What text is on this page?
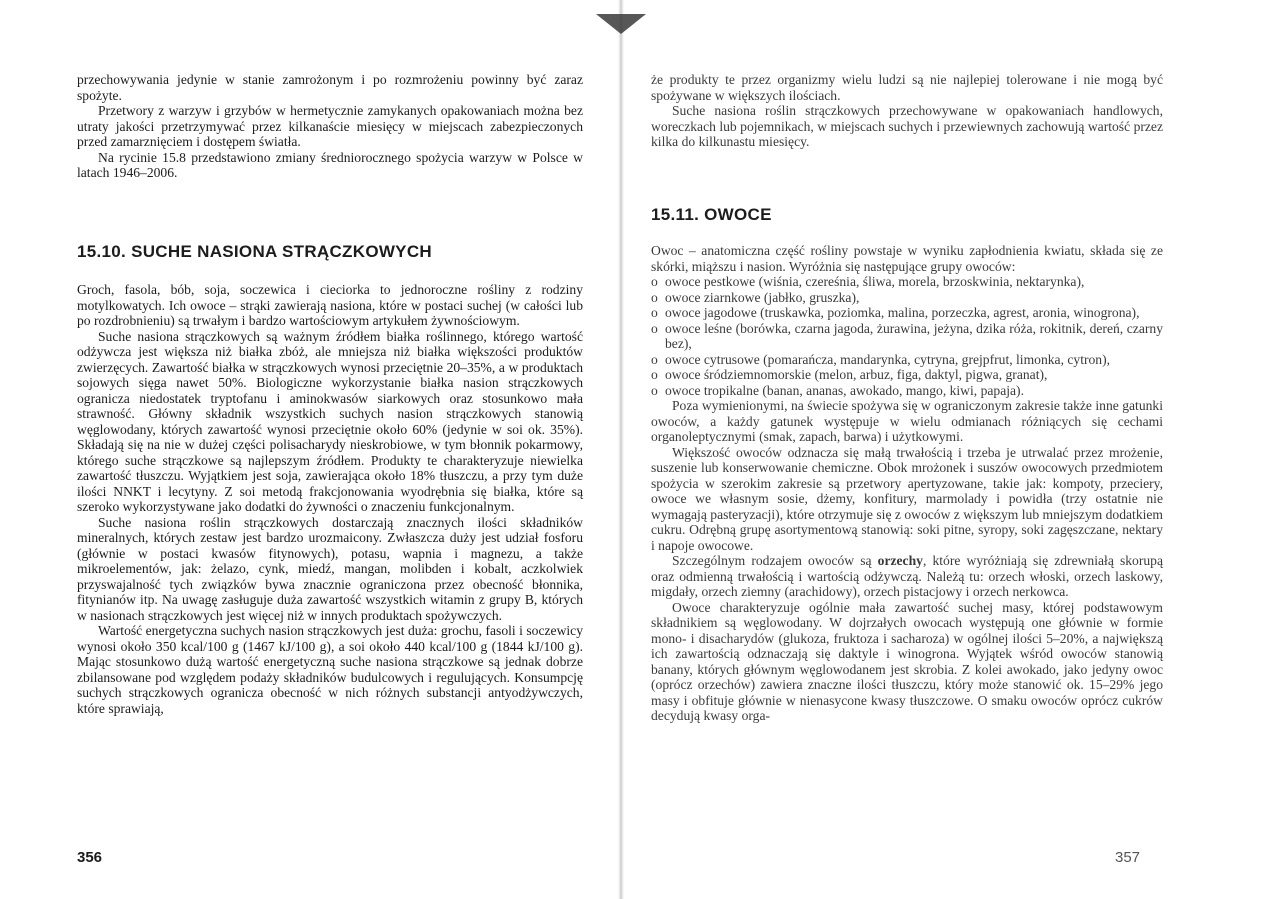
przechowywania jedynie w stanie zamrożonym i po rozmrożeniu powinny być zaraz spożyte.

Przetwory z warzyw i grzybów w hermetycznie zamykanych opakowaniach można bez utraty jakości przetrzymywać przez kilkanaście miesięcy w miejscach zabezpieczonych przed zamarznięciem i dostępem światła.

Na rycinie 15.8 przedstawiono zmiany średniorocznego spożycia warzyw w Polsce w latach 1946–2006.

15.10. SUCHE NASIONA STRĄCZKOWYCH

Groch, fasola, bób, soja, soczewica i cieciorka to jednoroczne rośliny z rodziny motylkowatych. Ich owoce – strąki zawierają nasiona, które w postaci suchej (w całości lub po rozdrobnieniu) są trwałym i bardzo wartościowym artykułem żywnościowym.

Suche nasiona strączkowych są ważnym źródłem białka roślinnego, którego wartość odżywcza jest większa niż białka zbóż, ale mniejsza niż białka większości produktów zwierzęcych. Zawartość białka w strączkowych wynosi przeciętnie 20–35%, a w produktach sojowych sięga nawet 50%. Biologiczne wykorzystanie białka nasion strączkowych ogranicza niedostatek tryptofanu i aminokwasów siarkowych oraz stosunkowo mała strawność. Główny składnik wszystkich suchych nasion strączkowych stanowią węglowodany, których zawartość wynosi przeciętnie około 60% (jedynie w soi ok. 35%). Składają się na nie w dużej części polisacharydy nieskrobiowe, w tym błonnik pokarmowy, którego suche strączkowe są najlepszym źródłem. Produkty te charakteryzuje niewielka zawartość tłuszczu. Wyjątkiem jest soja, zawierająca około 18% tłuszczu, a przy tym duże ilości NNKT i lecytyny. Z soi metodą frakcjonowania wyodrębnia się białka, które są szeroko wykorzystywane jako dodatki do żywności o znaczeniu funkcjonalnym.

Suche nasiona roślin strączkowych dostarczają znacznych ilości składników mineralnych, których zestaw jest bardzo urozmaicony. Zwłaszcza duży jest udział fosforu (głównie w postaci kwasów fitynowych), potasu, wapnia i magnezu, a także mikroelementów, jak: żelazo, cynk, miedź, mangan, molibden i kobalt, aczkolwiek przyswajalność tych związków bywa znacznie ograniczona przez obecność błonnika, fitynianów itp. Na uwagę zasługuje duża zawartość wszystkich witamin z grupy B, których w nasionach strączkowych jest więcej niż w innych produktach spożywczych.

Wartość energetyczna suchych nasion strączkowych jest duża: grochu, fasoli i soczewicy wynosi około 350 kcal/100 g (1467 kJ/100 g), a soi około 440 kcal/100 g (1844 kJ/100 g). Mając stosunkowo dużą wartość energetyczną suche nasiona strączkowe są jednak dobrze zbilansowane pod względem podaży składników budulcowych i regulujących. Konsumpcję suchych strączkowych ogranicza obecność w nich różnych substancji antyodżywczych, które sprawiają,

356

że produkty te przez organizmy wielu ludzi są nie najlepiej tolerowane i nie mogą być spożywane w większych ilościach.

Suche nasiona roślin strączkowych przechowywane w opakowaniach handlowych, woreczkach lub pojemnikach, w miejscach suchych i przewiewnych zachowują wartość przez kilka do kilkunastu miesięcy.

15.11. OWOCE

Owoc – anatomiczna część rośliny powstaje w wyniku zapłodnienia kwiatu, składa się ze skórki, miąższu i nasion. Wyróżnia się następujące grupy owoców:

o owoce pestkowe (wiśnia, czereśnia, śliwa, morela, brzoskwinia, nektarynka),
o owoce ziarnkowe (jabłko, gruszka),
o owoce jagodowe (truskawka, poziomka, malina, porzeczka, agrest, aronia, winogrona),
o owoce leśne (borówka, czarna jagoda, żurawina, jeżyna, dzika róża, rokitnik, dereń, czarny bez),
o owoce cytrusowe (pomarańcza, mandarynka, cytryna, grejpfrut, limonka, cytron),
o owoce śródziemnomorskie (melon, arbuz, figa, daktyl, pigwa, granat),
o owoce tropikalne (banan, ananas, awokado, mango, kiwi, papaja).

Poza wymienionymi, na świecie spożywa się w ograniczonym zakresie także inne gatunki owoców, a każdy gatunek występuje w wielu odmianach różniących się cechami organoleptycznymi (smak, zapach, barwa) i użytkowymi.

Większość owoców odznacza się małą trwałością i trzeba je utrwalać przez mrożenie, suszenie lub konserwowanie chemiczne. Obok mrożonek i suszów owocowych przedmiotem spożycia w szerokim zakresie są przetwory apertyzowane, takie jak: kompoty, przeciery, owoce we własnym sosie, dżemy, konfitury, marmolady i powidła (trzy ostatnie nie wymagają pasteryzacji), które otrzymuje się z owoców z większym lub mniejszym dodatkiem cukru. Odrębną grupę asortymentową stanowią: soki pitne, syropy, soki zagęszczane, nektary i napoje owocowe.

Szczególnym rodzajem owoców są orzechy, które wyróżniają się zdrewniałą skorupą oraz odmienną trwałością i wartością odżywczą. Należą tu: orzech włoski, orzech laskowy, migdały, orzech ziemny (arachidowy), orzech pistacjowy i orzech nerkowca.

Owoce charakteryzuje ogólnie mała zawartość suchej masy, której podstawowym składnikiem są węglowodany. W dojrzałych owocach występują one głównie w formie mono- i disacharydów (glukoza, fruktoza i sacharoza) w ogólnej ilości 5–20%, a największą ich zawartością odznaczają się daktyle i winogrona. Wyjątek wśród owoców stanowią banany, których głównym węglowodanem jest skrobia. Z kolei awokado, jako jedyny owoc (oprócz orzechów) zawiera znaczne ilości tłuszczu, który może stanowić ok. 15–29% jego masy i obfituje głównie w nienasycone kwasy tłuszczowe. O smaku owoców oprócz cukrów decydują kwasy orga-

357
